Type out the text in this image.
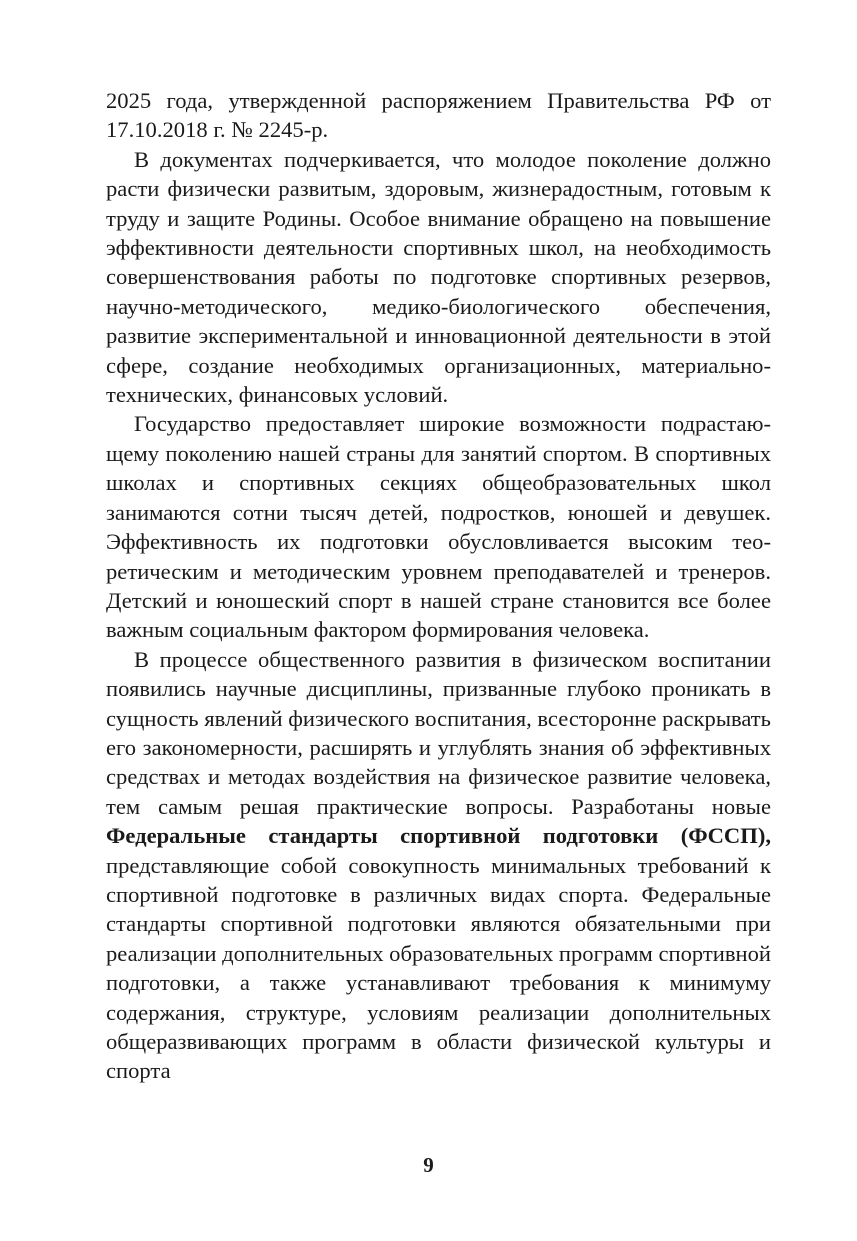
2025 года, утвержденной распоряжением Правительства РФ от 17.10.2018 г. № 2245-р.

В документах подчеркивается, что молодое поколение должно расти физически развитым, здоровым, жизнерадостным, готовым к труду и защите Родины. Особое внимание обращено на повышение эффективности деятельности спортивных школ, на необходимость совершенствования работы по подготовке спортивных резервов, научно-методического, медико-биологического обеспечения, развитие экспериментальной и инновационной деятельности в этой сфере, создание необходимых организационных, материально-технических, финансовых условий.

Государство предоставляет широкие возможности подрастающему поколению нашей страны для занятий спортом. В спортивных школах и спортивных секциях общеобразовательных школ занимаются сотни тысяч детей, подростков, юношей и девушек. Эффективность их подготовки обусловливается высоким теоретическим и методическим уровнем преподавателей и тренеров. Детский и юношеский спорт в нашей стране становится все более важным социальным фактором формирования человека.

В процессе общественного развития в физическом воспитании появились научные дисциплины, призванные глубоко проникать в сущность явлений физического воспитания, всесторонне раскрывать его закономерности, расширять и углублять знания об эффективных средствах и методах воздействия на физическое развитие человека, тем самым решая практические вопросы. Разработаны новые Федеральные стандарты спортивной подготовки (ФССП), представляющие собой совокупность минимальных требований к спортивной подготовке в различных видах спорта. Федеральные стандарты спортивной подготовки являются обязательными при реализации дополнительных образовательных программ спортивной подготовки, а также устанавливают требования к минимуму содержания, структуре, условиям реализации дополнительных общеразвивающих программ в области физической культуры и спорта

9
